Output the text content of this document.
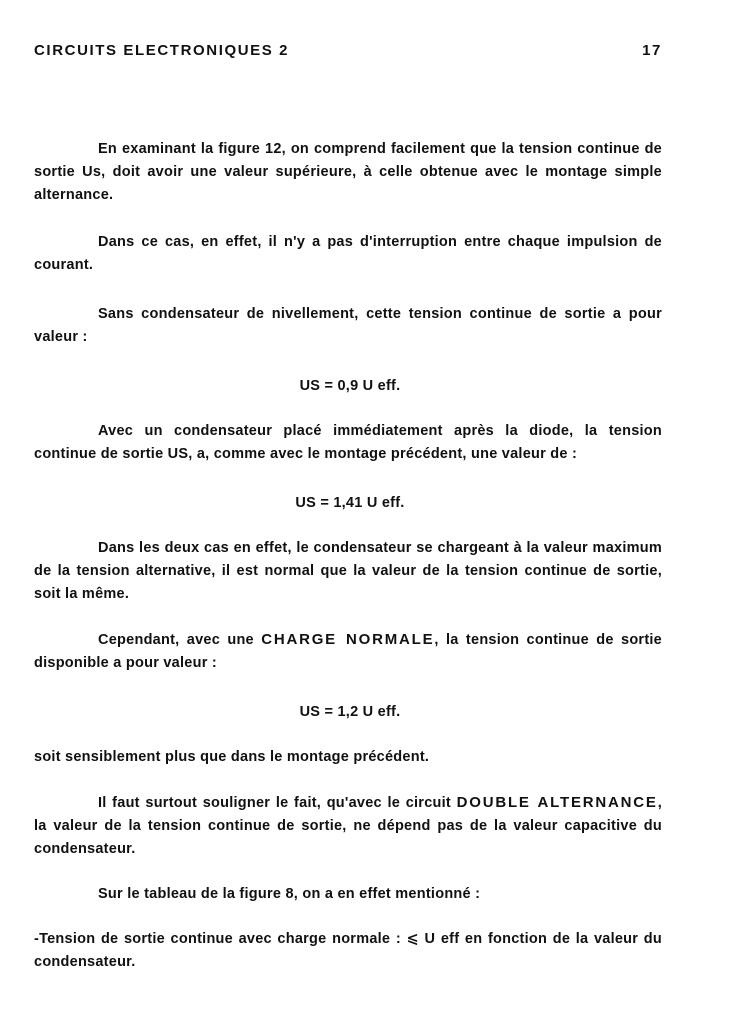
CIRCUITS ELECTRONIQUES 2	17

En examinant la figure 12, on comprend facilement que la tension continue de sortie Us, doit avoir une valeur supérieure, à celle obtenue avec le montage simple alternance.

Dans ce cas, en effet, il n'y a pas d'interruption entre chaque impulsion de courant.

Sans condensateur de nivellement, cette tension continue de sortie a pour valeur :

US = 0,9 U eff.

Avec un condensateur placé immédiatement après la diode, la tension continue de sortie US, a, comme avec le montage précédent, une valeur de :

US = 1,41 U eff.

Dans les deux cas en effet, le condensateur se chargeant à la valeur maximum de la tension alternative, il est normal que la valeur de la tension continue de sortie, soit la même.

Cependant, avec une CHARGE NORMALE, la tension continue de sortie disponible a pour valeur :

US = 1,2 U eff.

soit sensiblement plus que dans le montage précédent.

Il faut surtout souligner le fait, qu'avec le circuit DOUBLE ALTERNANCE, la valeur de la tension continue de sortie, ne dépend pas de la valeur capacitive du condensateur.

Sur le tableau de la figure 8, on a en effet mentionné :

-Tension de sortie continue avec charge normale : ⩽ U eff en fonction de la valeur du condensateur.
